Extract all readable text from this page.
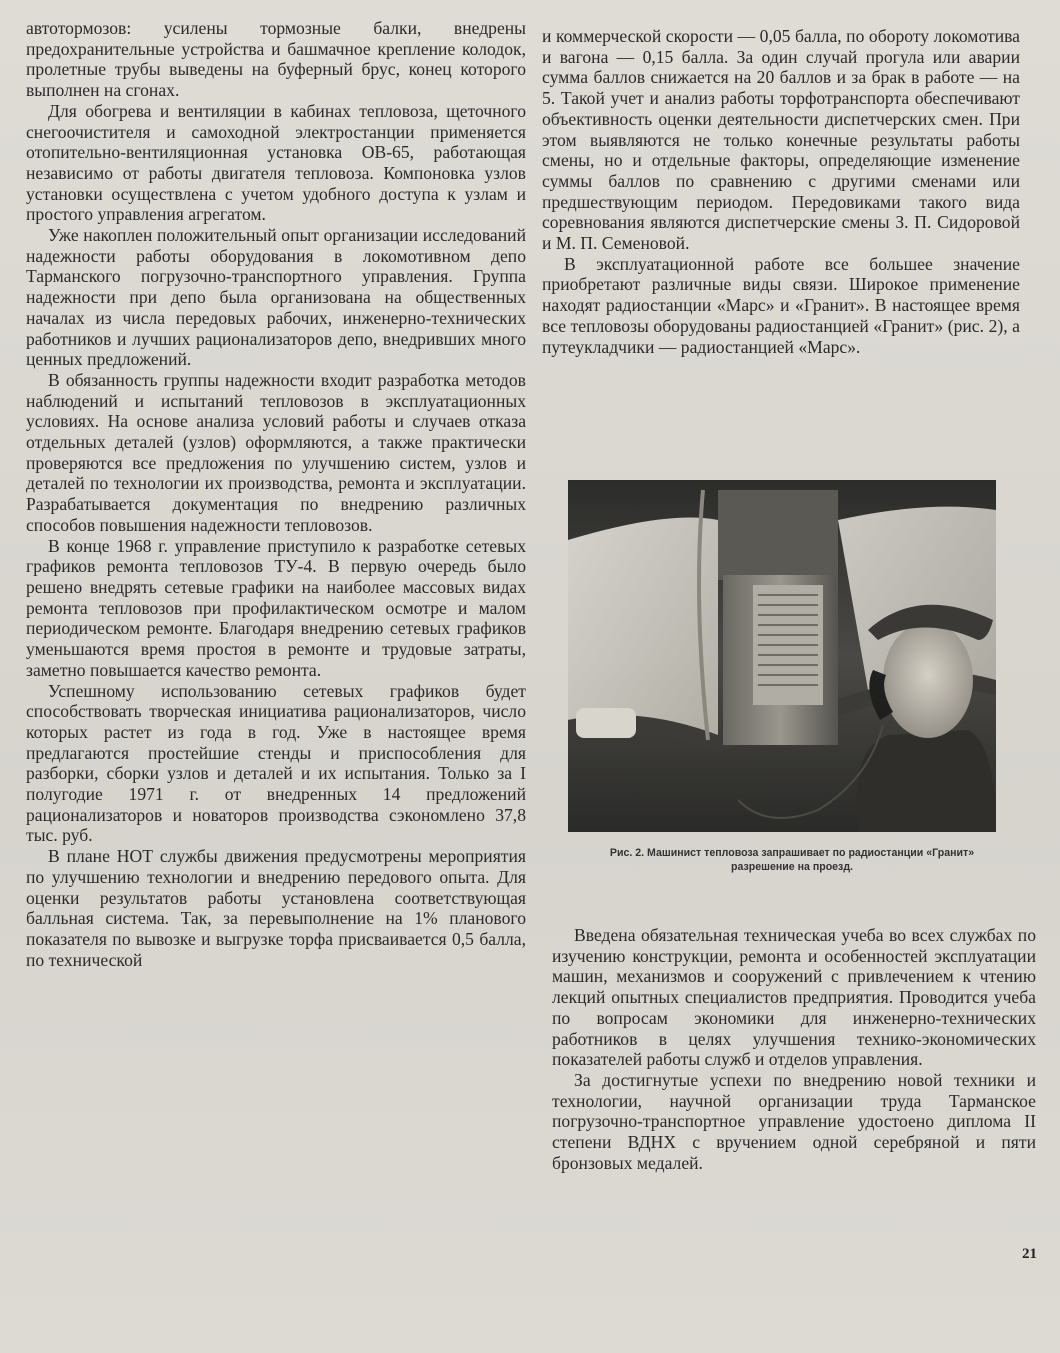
автотормозов: усилены тормозные балки, внедрены предохранительные устройства и башмачное крепление колодок, пролетные трубы выведены на буферный брус, конец которого выполнен на сгонах.

Для обогрева и вентиляции в кабинах тепловоза, щеточного снегоочистителя и самоходной электростанции применяется отопительно-вентиляционная установка ОВ-65, работающая независимо от работы двигателя тепловоза. Компоновка узлов установки осуществлена с учетом удобного доступа к узлам и простого управления агрегатом.

Уже накоплен положительный опыт организации исследований надежности работы оборудования в локомотивном депо Тарманского погрузочно-транспортного управления. Группа надежности при депо была организована на общественных началах из числа передовых рабочих, инженерно-технических работников и лучших рационализаторов депо, внедривших много ценных предложений.

В обязанность группы надежности входит разработка методов наблюдений и испытаний тепловозов в эксплуатационных условиях. На основе анализа условий работы и случаев отказа отдельных деталей (узлов) оформляются, а также практически проверяются все предложения по улучшению систем, узлов и деталей по технологии их производства, ремонта и эксплуатации. Разрабатывается документация по внедрению различных способов повышения надежности тепловозов.

В конце 1968 г. управление приступило к разработке сетевых графиков ремонта тепловозов ТУ-4. В первую очередь было решено внедрять сетевые графики на наиболее массовых видах ремонта тепловозов при профилактическом осмотре и малом периодическом ремонте. Благодаря внедрению сетевых графиков уменьшаются время простоя в ремонте и трудовые затраты, заметно повышается качество ремонта.

Успешному использованию сетевых графиков будет способствовать творческая инициатива рационализаторов, число которых растет из года в год. Уже в настоящее время предлагаются простейшие стенды и приспособления для разборки, сборки узлов и деталей и их испытания. Только за I полугодие 1971 г. от внедренных 14 предложений рационализаторов и новаторов производства сэкономлено 37,8 тыс. руб.

В плане НОТ службы движения предусмотрены мероприятия по улучшению технологии и внедрению передового опыта. Для оценки результатов работы установлена соответствующая балльная система. Так, за перевыполнение на 1% планового показателя по вывозке и выгрузке торфа присваивается 0,5 балла, по технической

и коммерческой скорости — 0,05 балла, по обороту локомотива и вагона — 0,15 балла. За один случай прогула или аварии сумма баллов снижается на 20 баллов и за брак в работе — на 5. Такой учет и анализ работы торфотранспорта обеспечивают объективность оценки деятельности диспетчерских смен. При этом выявляются не только конечные результаты работы смены, но и отдельные факторы, определяющие изменение суммы баллов по сравнению с другими сменами или предшествующим периодом. Передовиками такого вида соревнования являются диспетчерские смены З. П. Сидоровой и М. П. Семеновой.

В эксплуатационной работе все большее значение приобретают различные виды связи. Широкое применение находят радиостанции «Марс» и «Гранит». В настоящее время все тепловозы оборудованы радиостанцией «Гранит» (рис. 2), а путеукладчики — радиостанцией «Марс».

Рис. 2. Машинист тепловоза запрашивает по радиостанции «Гранит»
разрешение на проезд.

Введена обязательная техническая учеба во всех службах по изучению конструкции, ремонта и особенностей эксплуатации машин, механизмов и сооружений с привлечением к чтению лекций опытных специалистов предприятия. Проводится учеба по вопросам экономики для инженерно-технических работников в целях улучшения технико-экономических показателей работы служб и отделов управления.

За достигнутые успехи по внедрению новой техники и технологии, научной организации труда Тарманское погрузочно-транспортное управление удостоено диплома II степени ВДНХ с вручением одной серебряной и пяти бронзовых медалей.

21
